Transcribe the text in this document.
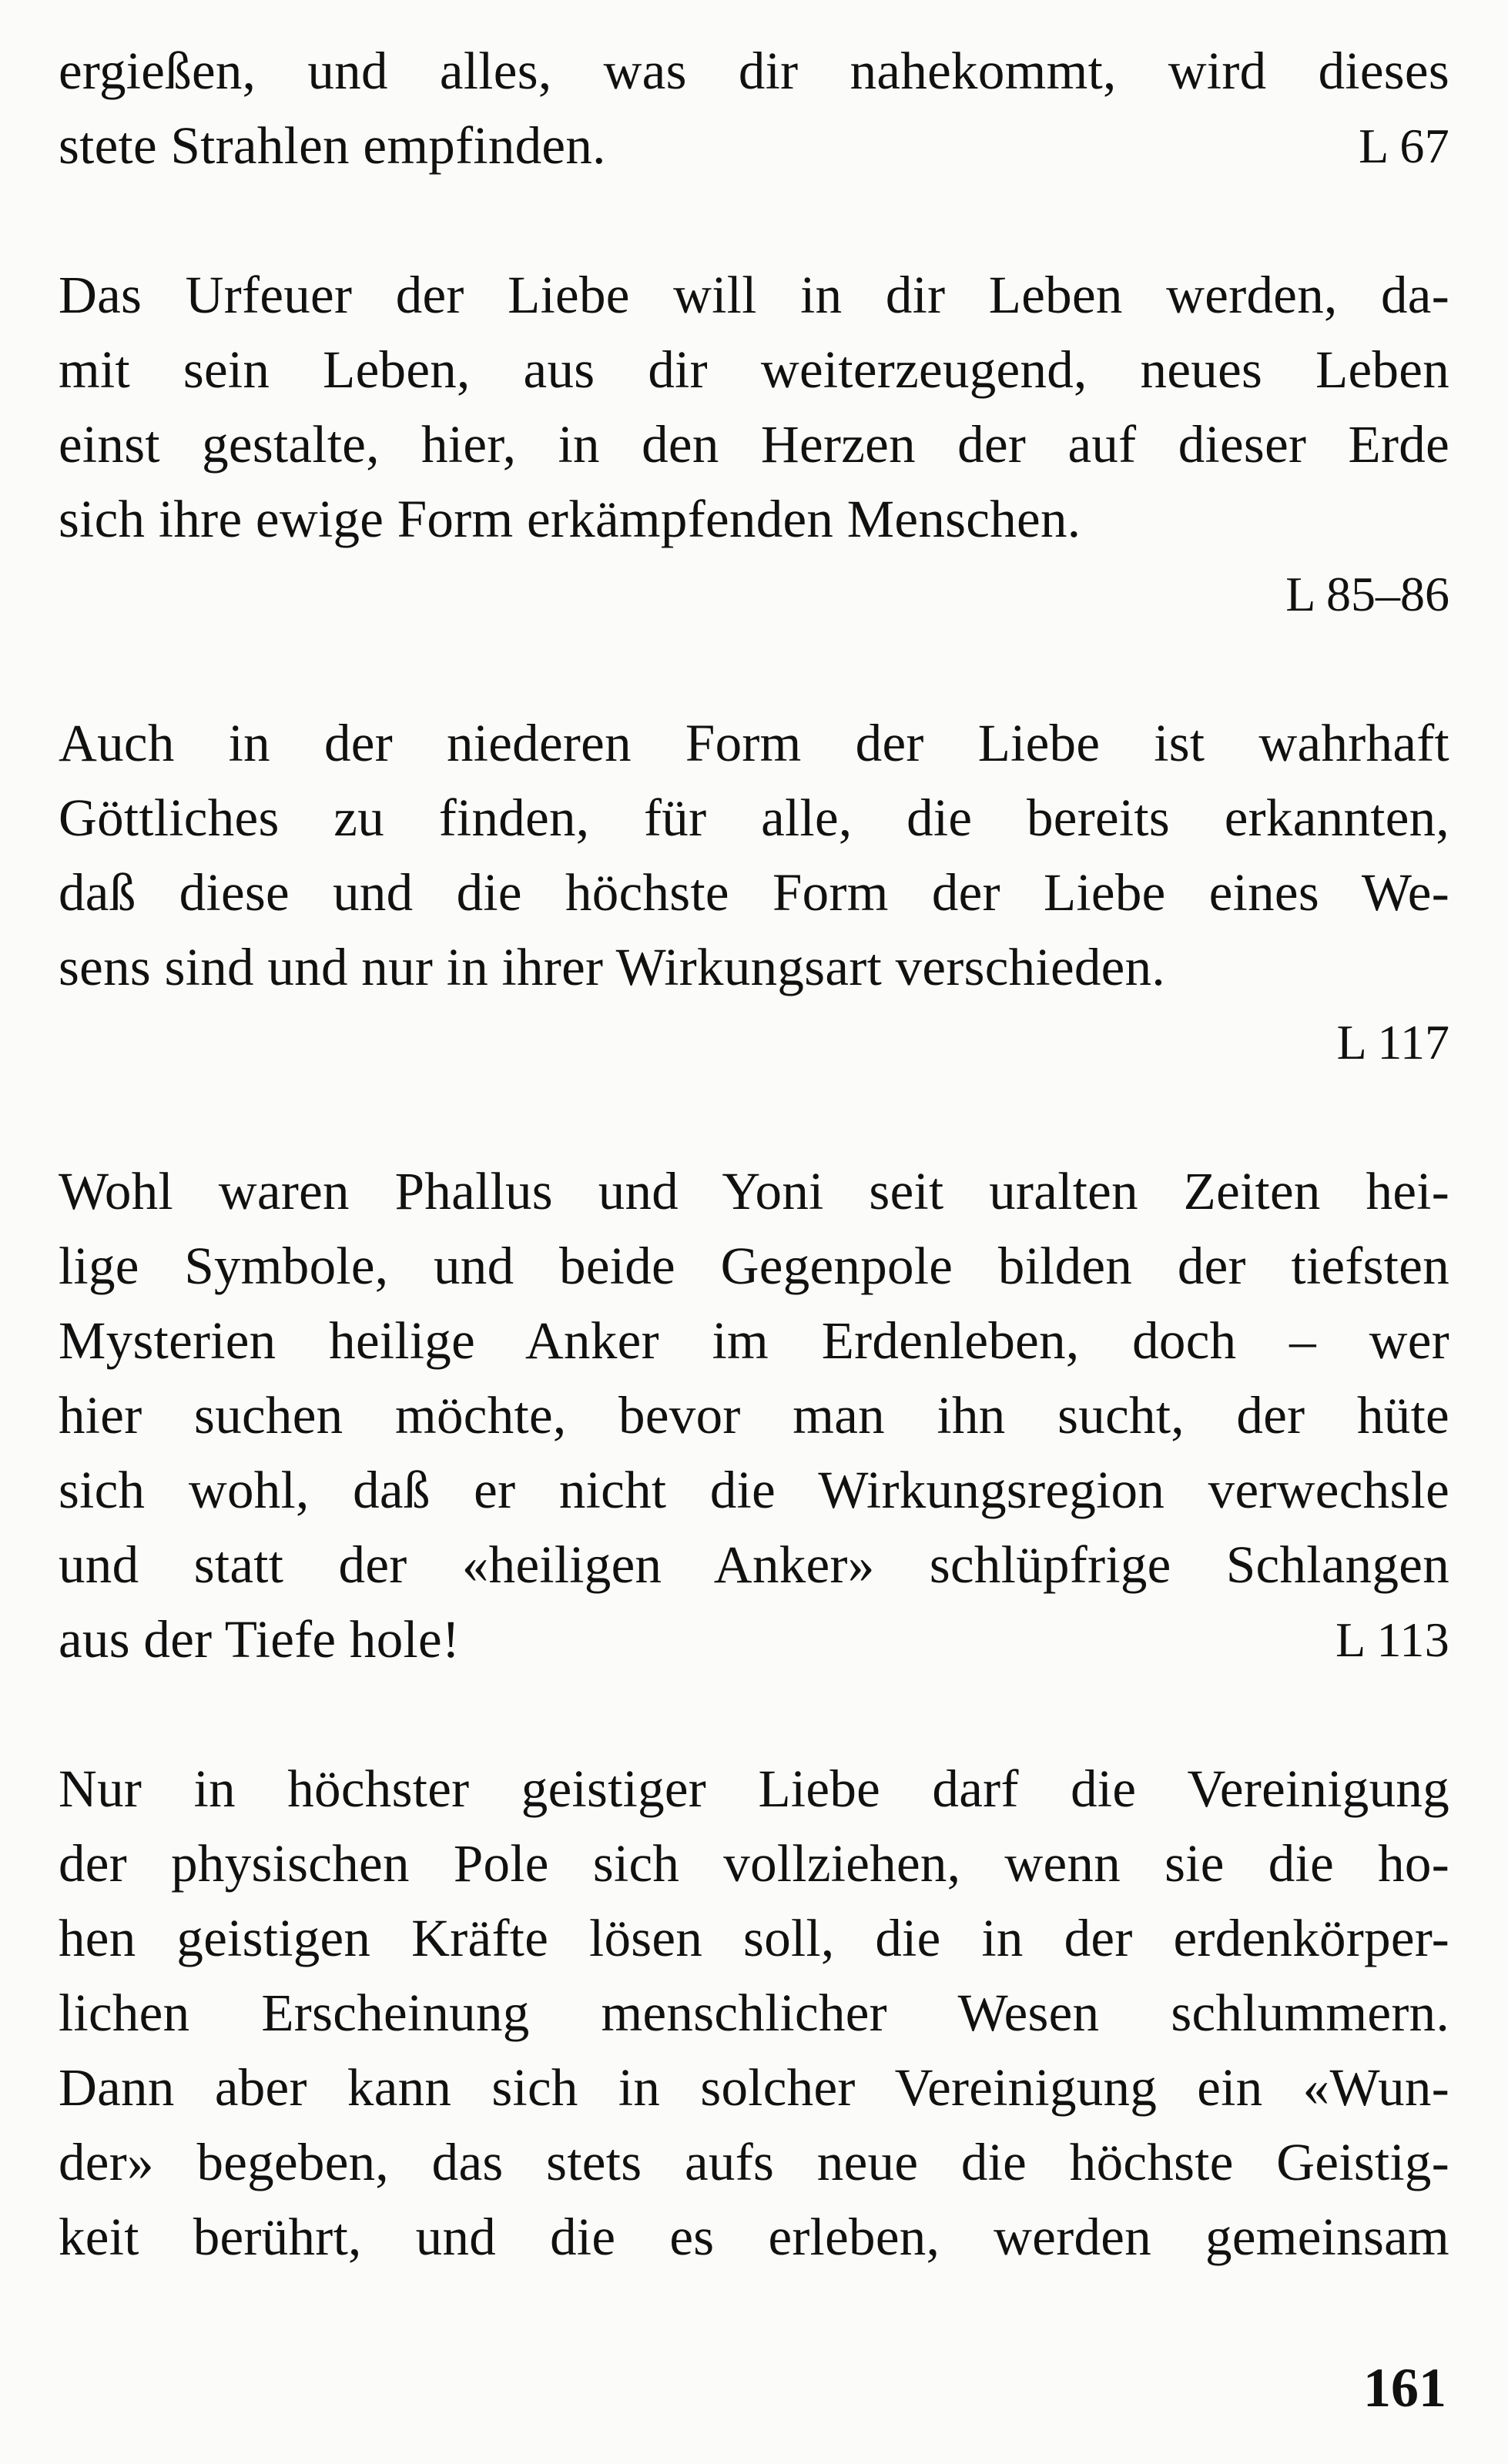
ergießen, und alles, was dir nahekommt, wird dieses
L 67
stete Strahlen empfinden.
Das Urfeuer der Liebe will in dir Leben werden, da-
mit sein Leben, aus dir weiterzeugend, neues Leben
einst gestalte, hier, in den Herzen der auf dieser Erde
sich ihre ewige Form erkämpfenden Menschen.
L 85–86
Auch in der niederen Form der Liebe ist wahrhaft
Göttliches zu finden, für alle, die bereits erkannten,
daß diese und die höchste Form der Liebe eines We-
sens sind und nur in ihrer Wirkungsart verschieden.
L 117
Wohl waren Phallus und Yoni seit uralten Zeiten hei-
lige Symbole, und beide Gegenpole bilden der tiefsten
Mysterien heilige Anker im Erdenleben, doch – wer
hier suchen möchte, bevor man ihn sucht, der hüte
sich wohl, daß er nicht die Wirkungsregion verwechsle
und statt der «heiligen Anker» schlüpfrige Schlangen
L 113
aus der Tiefe hole!
Nur in höchster geistiger Liebe darf die Vereinigung
der physischen Pole sich vollziehen, wenn sie die ho-
hen geistigen Kräfte lösen soll, die in der erdenkörper-
lichen Erscheinung menschlicher Wesen schlummern.
Dann aber kann sich in solcher Vereinigung ein «Wun-
der» begeben, das stets aufs neue die höchste Geistig-
keit berührt, und die es erleben, werden gemeinsam
161
